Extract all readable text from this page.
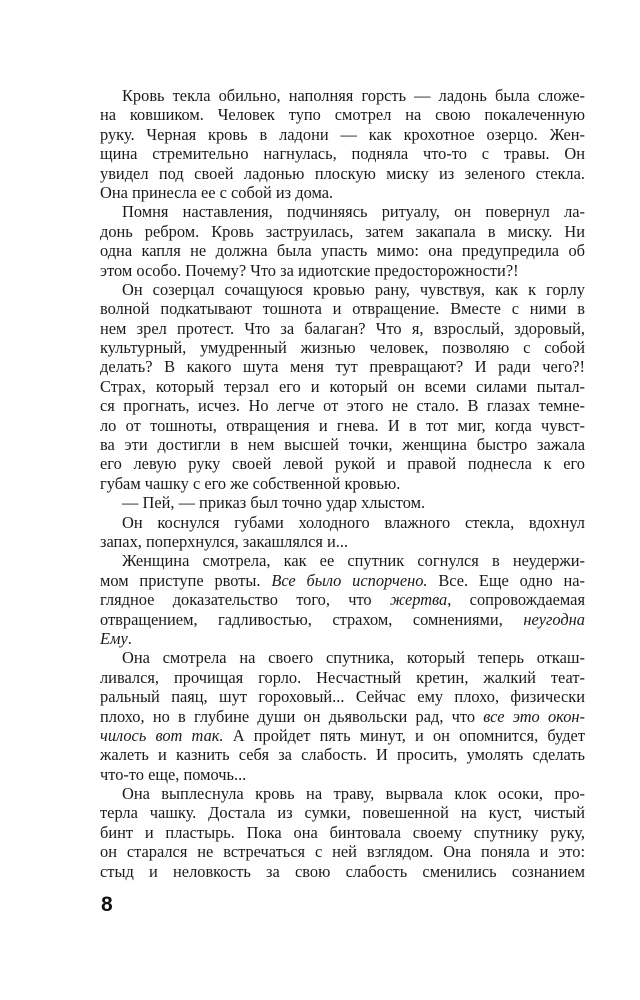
Кровь текла обильно, наполняя горсть — ладонь была сложе-
на ковшиком. Человек тупо смотрел на свою покалеченную
руку. Черная кровь в ладони — как крохотное озерцо. Жен-
щина стремительно нагнулась, подняла что-то с травы. Он
увидел под своей ладонью плоскую миску из зеленого стекла.
Она принесла ее с собой из дома.
Помня наставления, подчиняясь ритуалу, он повернул ла-
донь ребром. Кровь заструилась, затем закапала в миску. Ни
одна капля не должна была упасть мимо: она предупредила об
этом особо. Почему? Что за идиотские предосторожности?!
Он созерцал сочащуюся кровью рану, чувствуя, как к горлу
волной подкатывают тошнота и отвращение. Вместе с ними в
нем зрел протест. Что за балаган? Что я, взрослый, здоровый,
культурный, умудренный жизнью человек, позволяю с собой
делать? В какого шута меня тут превращают? И ради чего?!
Страх, который терзал его и который он всеми силами пытал-
ся прогнать, исчез. Но легче от этого не стало. В глазах темне-
ло от тошноты, отвращения и гнева. И в тот миг, когда чувст-
ва эти достигли в нем высшей точки, женщина быстро зажала
его левую руку своей левой рукой и правой поднесла к его
губам чашку с его же собственной кровью.
— Пей, — приказ был точно удар хлыстом.
Он коснулся губами холодного влажного стекла, вдохнул
запах, поперхнулся, закашлялся и...
Женщина смотрела, как ее спутник согнулся в неудержи-
мом приступе рвоты. Все было испорчено. Все. Еще одно на-
глядное доказательство того, что жертва, сопровождаемая
отвращением, гадливостью, страхом, сомнениями, неугодна
Ему.
Она смотрела на своего спутника, который теперь откаш-
ливался, прочищая горло. Несчастный кретин, жалкий теат-
ральный паяц, шут гороховый... Сейчас ему плохо, физически
плохо, но в глубине души он дьявольски рад, что все это окон-
чилось вот так. А пройдет пять минут, и он опомнится, будет
жалеть и казнить себя за слабость. И просить, умолять сделать
что-то еще, помочь...
Она выплеснула кровь на траву, вырвала клок осоки, про-
терла чашку. Достала из сумки, повешенной на куст, чистый
бинт и пластырь. Пока она бинтовала своему спутнику руку,
он старался не встречаться с ней взглядом. Она поняла и это:
стыд и неловкость за свою слабость сменились сознанием
8
